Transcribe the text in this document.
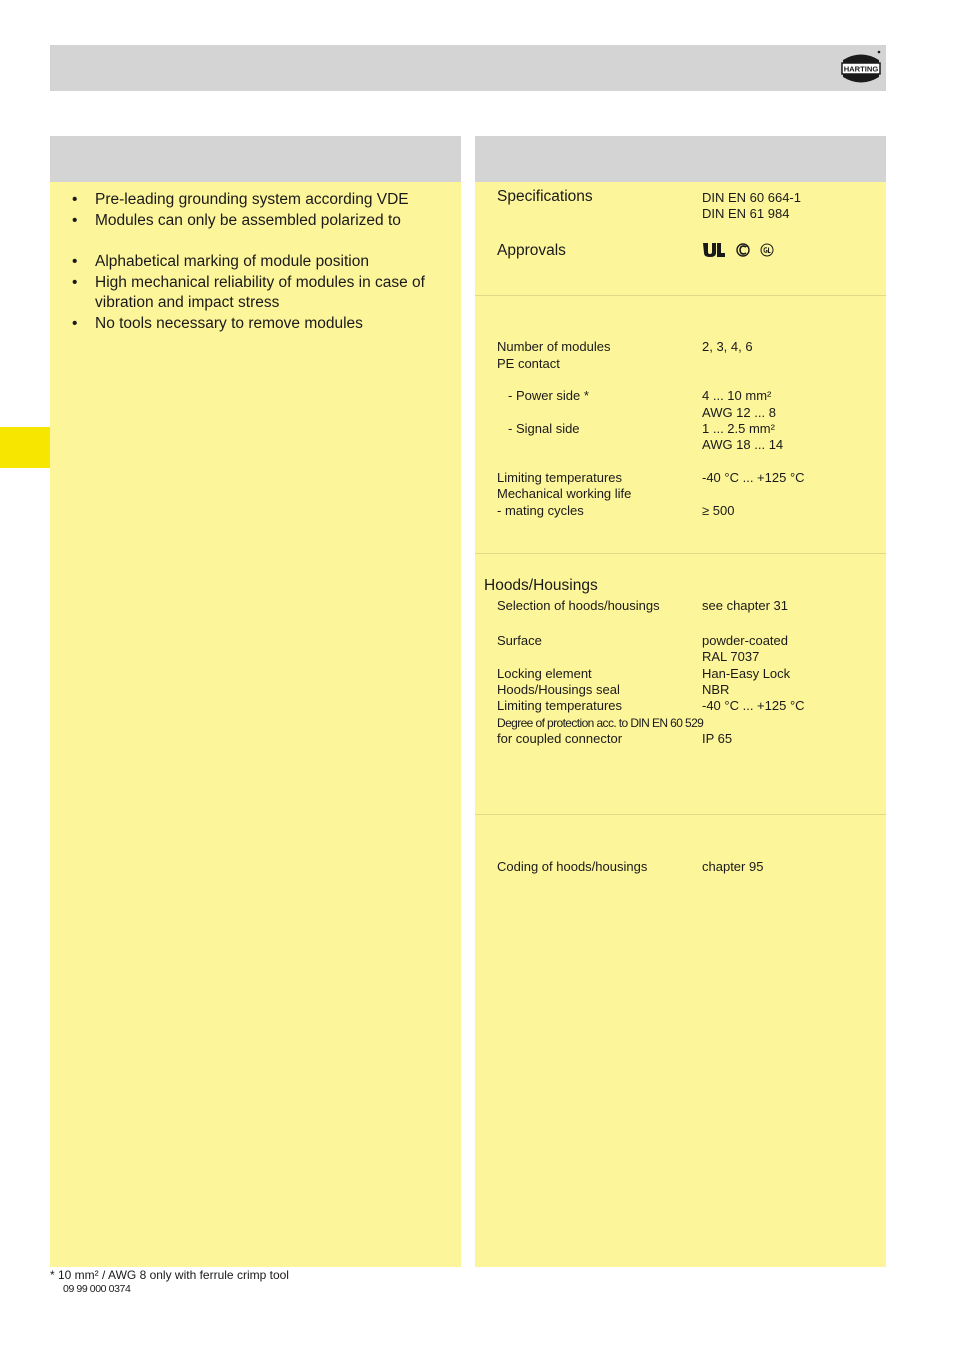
HARTING
• Pre-leading grounding system according VDE
• Modules can only be assembled polarized to
• Alphabetical marking of module position
• High mechanical reliability of modules in case of vibration and impact stress
• No tools necessary to remove modules
Specifications	DIN EN 60 664-1
DIN EN 61 984
Approvals
Number of modules	2, 3, 4, 6
PE contact
- Power side *	4 ... 10 mm²
AWG 12 ... 8
- Signal side	1 ... 2.5 mm²
AWG 18 ... 14
Limiting temperatures	-40 °C ... +125 °C
Mechanical working life
- mating cycles	≥ 500
Hoods/Housings
Selection of hoods/housings	see chapter 31
Surface	powder-coated
RAL 7037
Locking element	Han-Easy Lock
Hoods/Housings seal	NBR
Limiting temperatures	-40 °C ... +125 °C
Degree of protection acc. to DIN EN 60 529
for coupled connector	IP 65
Coding of hoods/housings	chapter 95
* 10 mm² / AWG 8 only with ferrule crimp tool
09 99 000 0374
